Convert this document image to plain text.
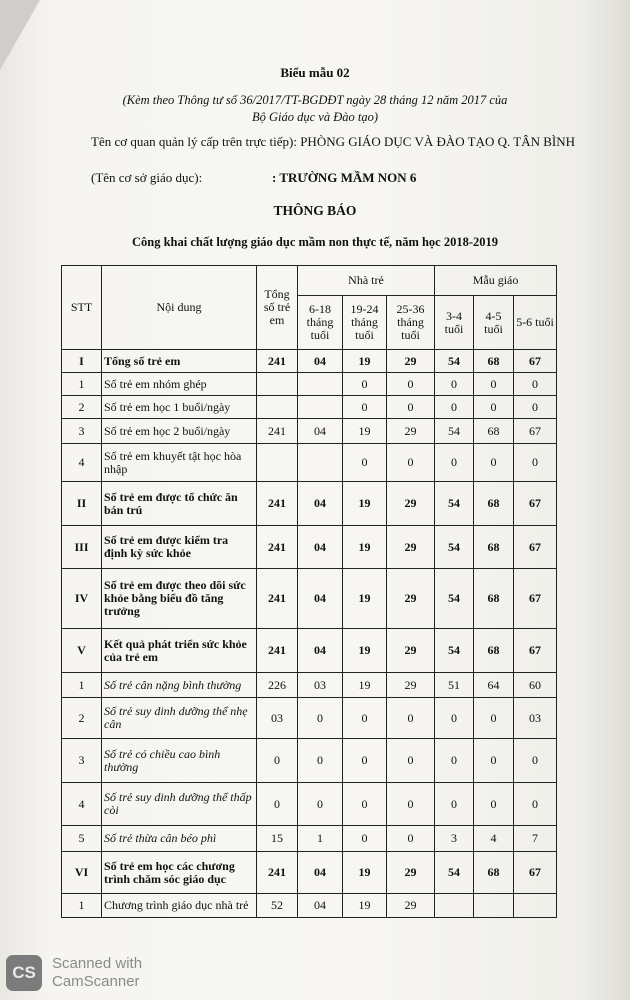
Biểu mẫu 02
(Kèm theo Thông tư số 36/2017/TT-BGDĐT ngày 28 tháng 12 năm 2017 của
Bộ Giáo dục và Đào tạo)
Tên cơ quan quản lý cấp trên trực tiếp): PHÒNG GIÁO DỤC VÀ ĐÀO TẠO Q. TÂN BÌNH
(Tên cơ sở giáo dục):	: TRƯỜNG MẦM NON 6
THÔNG BÁO
Công khai chất lượng giáo dục mầm non thực tế, năm học 2018-2019
STT	Nội dung	Tổng số trẻ em	Nhà trẻ			Mẫu giáo		
			6-18 tháng tuổi	19-24 tháng tuổi	25-36 tháng tuổi	3-4 tuổi	4-5 tuổi	5-6 tuổi
I	Tổng số trẻ em	241	04	19	29	54	68	67
1	Số trẻ em nhóm ghép			0	0	0	0	0
2	Số trẻ em học 1 buổi/ngày			0	0	0	0	0
3	Số trẻ em học 2 buổi/ngày	241	04	19	29	54	68	67
4	Số trẻ em khuyết tật học hòa nhập			0	0	0	0	0
II	Số trẻ em được tổ chức ăn bán trú	241	04	19	29	54	68	67
III	Số trẻ em được kiểm tra định kỳ sức khỏe	241	04	19	29	54	68	67
IV	Số trẻ em được theo dõi sức khỏe bằng biểu đồ tăng trưởng	241	04	19	29	54	68	67
V	Kết quả phát triển sức khỏe của trẻ em	241	04	19	29	54	68	67
1	Số trẻ cân nặng bình thường	226	03	19	29	51	64	60
2	Số trẻ suy dinh dưỡng thể nhẹ cân	03	0	0	0	0	0	03
3	Số trẻ có chiều cao bình thường	0	0	0	0	0	0	0
4	Số trẻ suy dinh dưỡng thể thấp còi	0	0	0	0	0	0	0
5	Số trẻ thừa cân béo phì	15	1	0	0	3	4	7
VI	Số trẻ em học các chương trình chăm sóc giáo dục	241	04	19	29	54	68	67
1	Chương trình giáo dục nhà trẻ	52	04	19	29			
CS	Scanned with
CamScanner
